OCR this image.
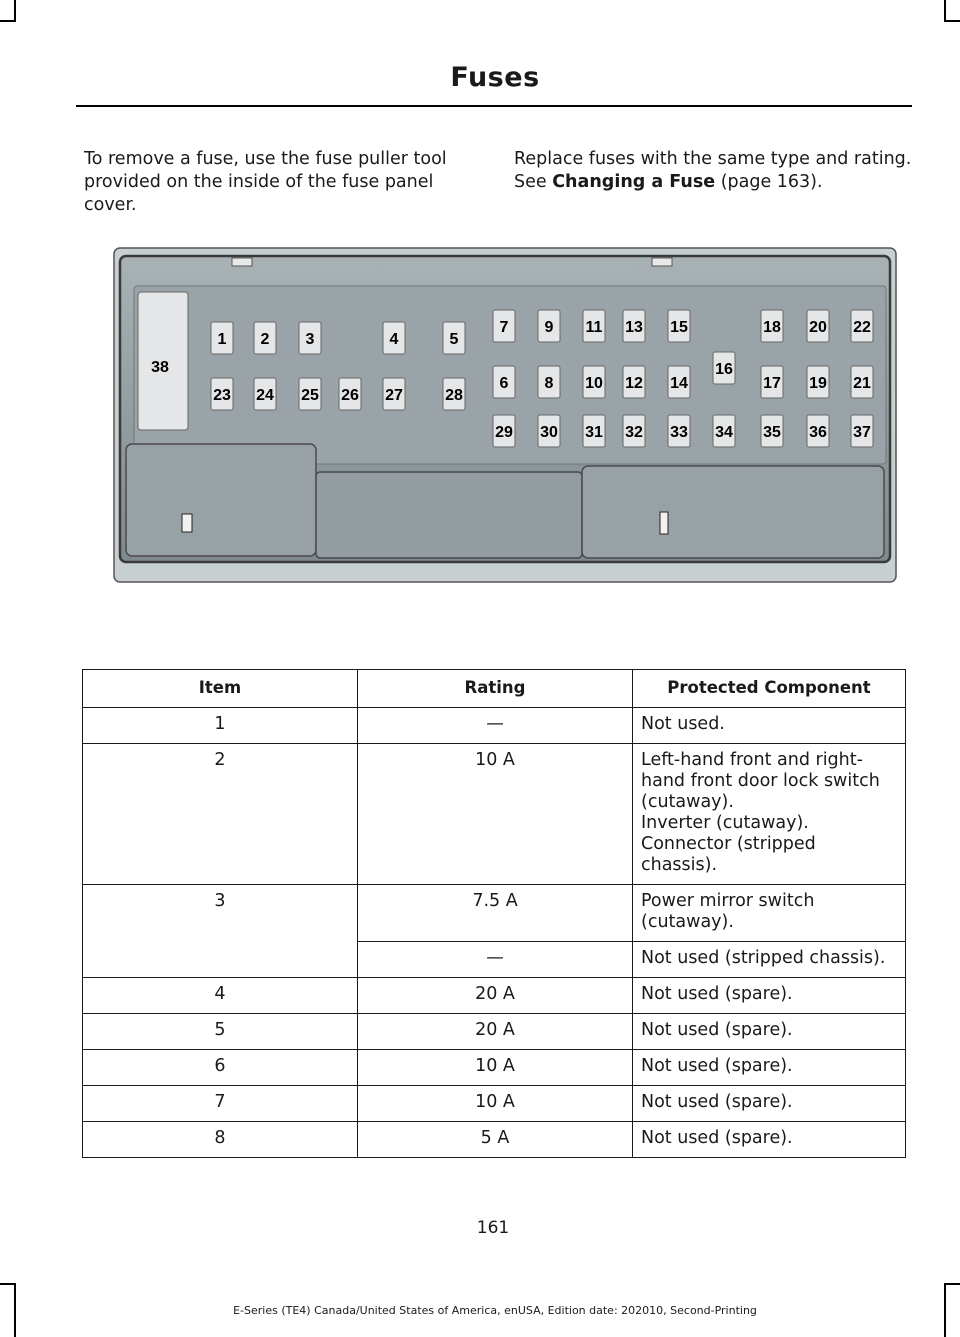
Fuses
To remove a fuse, use the fuse puller tool provided on the inside of the fuse panel cover.
Replace fuses with the same type and rating. See Changing a Fuse (page 163).
1 2 3	4	5
7 9 11 13 15	18 20 22
38	16
23 24 25 26 27	28
6 8 10 12 14	17 19 21
29 30 31 32 33 34 35 36 37
Item	Rating	Protected Component
1	—	Not used.

2	10 A	Left-hand front and right-hand front door lock switch (cutaway).
Inverter (cutaway).
Connector (stripped chassis).

3	7.5 A	Power mirror switch (cutaway).

	—	Not used (stripped chassis).

4	20 A	Not used (spare).

5	20 A	Not used (spare).

6	10 A	Not used (spare).

7	10 A	Not used (spare).

8	5 A	Not used (spare).
161
E-Series (TE4) Canada/United States of America, enUSA, Edition date: 202010, Second-Printing
